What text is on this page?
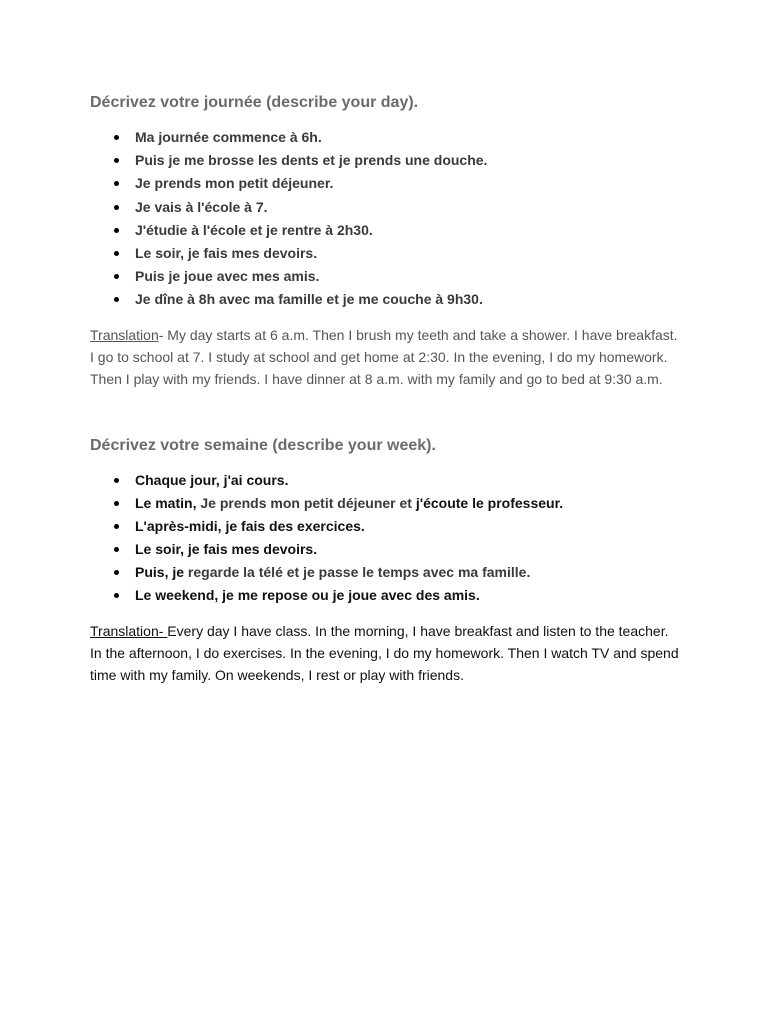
Décrivez votre journée (describe your day).
Ma journée commence à 6h.
Puis je me brosse les dents et je prends une douche.
Je prends mon petit déjeuner.
Je vais à l'école à 7.
J'étudie à l'école et je rentre à 2h30.
Le soir, je fais mes devoirs.
Puis je joue avec mes amis.
Je dîne à 8h avec ma famille et je me couche à 9h30.

Translation- My day starts at 6 a.m. Then I brush my teeth and take a shower. I have breakfast. I go to school at 7. I study at school and get home at 2:30. In the evening, I do my homework. Then I play with my friends. I have dinner at 8 a.m. with my family and go to bed at 9:30 a.m.

Décrivez votre semaine (describe your week).
Chaque jour, j'ai cours.
Le matin, Je prends mon petit déjeuner et j'écoute le professeur.
L'après-midi, je fais des exercices.
Le soir, je fais mes devoirs.
Puis, je regarde la télé et je passe le temps avec ma famille.
Le weekend, je me repose ou je joue avec des amis.

Translation- Every day I have class. In the morning, I have breakfast and listen to the teacher. In the afternoon, I do exercises. In the evening, I do my homework. Then I watch TV and spend time with my family. On weekends, I rest or play with friends.
